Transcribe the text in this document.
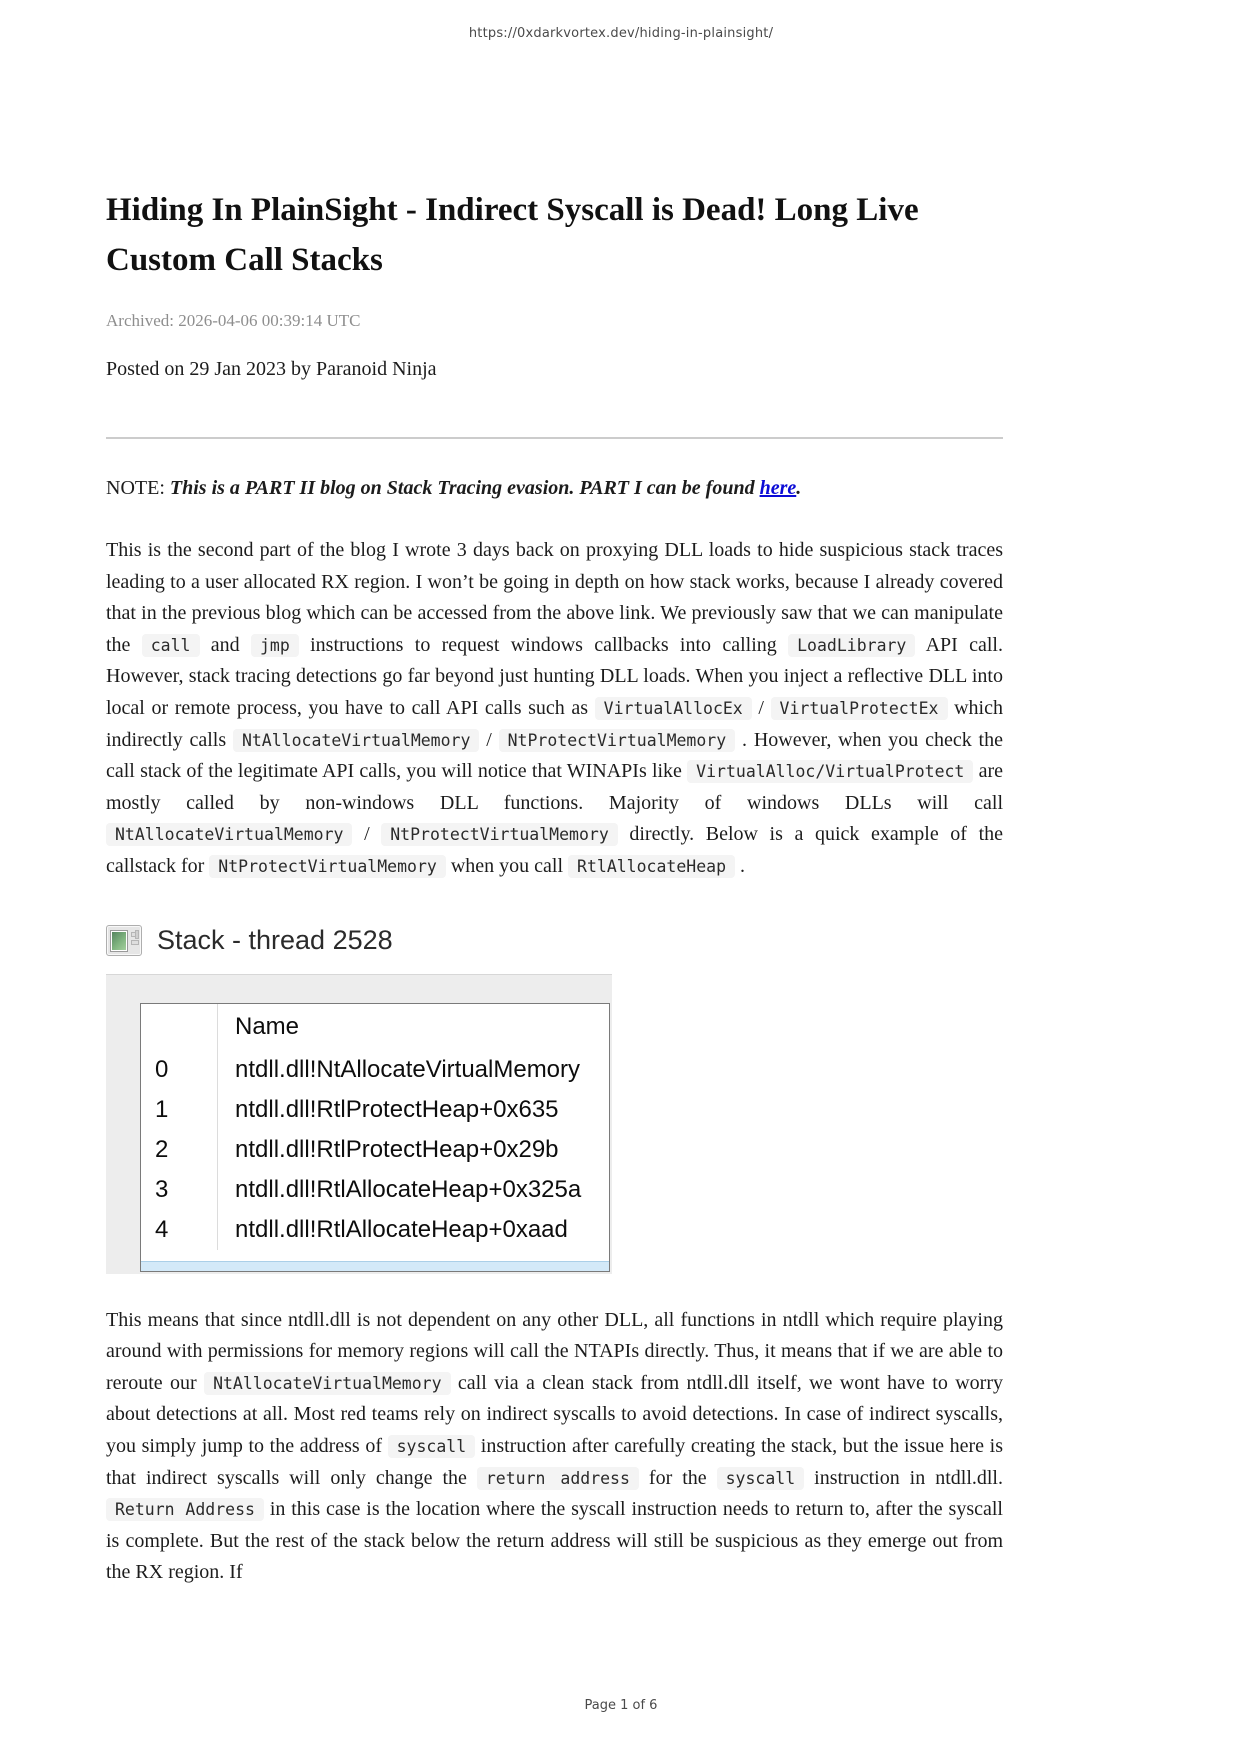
https://0xdarkvortex.dev/hiding-in-plainsight/
Hiding In PlainSight - Indirect Syscall is Dead! Long Live Custom Call Stacks
Archived: 2026-04-06 00:39:14 UTC
Posted on 29 Jan 2023 by Paranoid Ninja
NOTE: This is a PART II blog on Stack Tracing evasion. PART I can be found here.
This is the second part of the blog I wrote 3 days back on proxying DLL loads to hide suspicious stack traces leading to a user allocated RX region. I won’t be going in depth on how stack works, because I already covered that in the previous blog which can be accessed from the above link. We previously saw that we can manipulate the call and jmp instructions to request windows callbacks into calling LoadLibrary API call. However, stack tracing detections go far beyond just hunting DLL loads. When you inject a reflective DLL into local or remote process, you have to call API calls such as VirtualAllocEx / VirtualProtectEx which indirectly calls NtAllocateVirtualMemory / NtProtectVirtualMemory . However, when you check the call stack of the legitimate API calls, you will notice that WINAPIs like VirtualAlloc/VirtualProtect are mostly called by non-windows DLL functions. Majority of windows DLLs will call NtAllocateVirtualMemory / NtProtectVirtualMemory directly. Below is a quick example of the callstack for NtProtectVirtualMemory when you call RtlAllocateHeap .
Stack - thread 2528
Name
0	ntdll.dll!NtAllocateVirtualMemory
1	ntdll.dll!RtlProtectHeap+0x635
2	ntdll.dll!RtlProtectHeap+0x29b
3	ntdll.dll!RtlAllocateHeap+0x325a
4	ntdll.dll!RtlAllocateHeap+0xaad
This means that since ntdll.dll is not dependent on any other DLL, all functions in ntdll which require playing around with permissions for memory regions will call the NTAPIs directly. Thus, it means that if we are able to reroute our NtAllocateVirtualMemory call via a clean stack from ntdll.dll itself, we wont have to worry about detections at all. Most red teams rely on indirect syscalls to avoid detections. In case of indirect syscalls, you simply jump to the address of syscall instruction after carefully creating the stack, but the issue here is that indirect syscalls will only change the return address for the syscall instruction in ntdll.dll. Return Address in this case is the location where the syscall instruction needs to return to, after the syscall is complete. But the rest of the stack below the return address will still be suspicious as they emerge out from the RX region. If
Page 1 of 6
